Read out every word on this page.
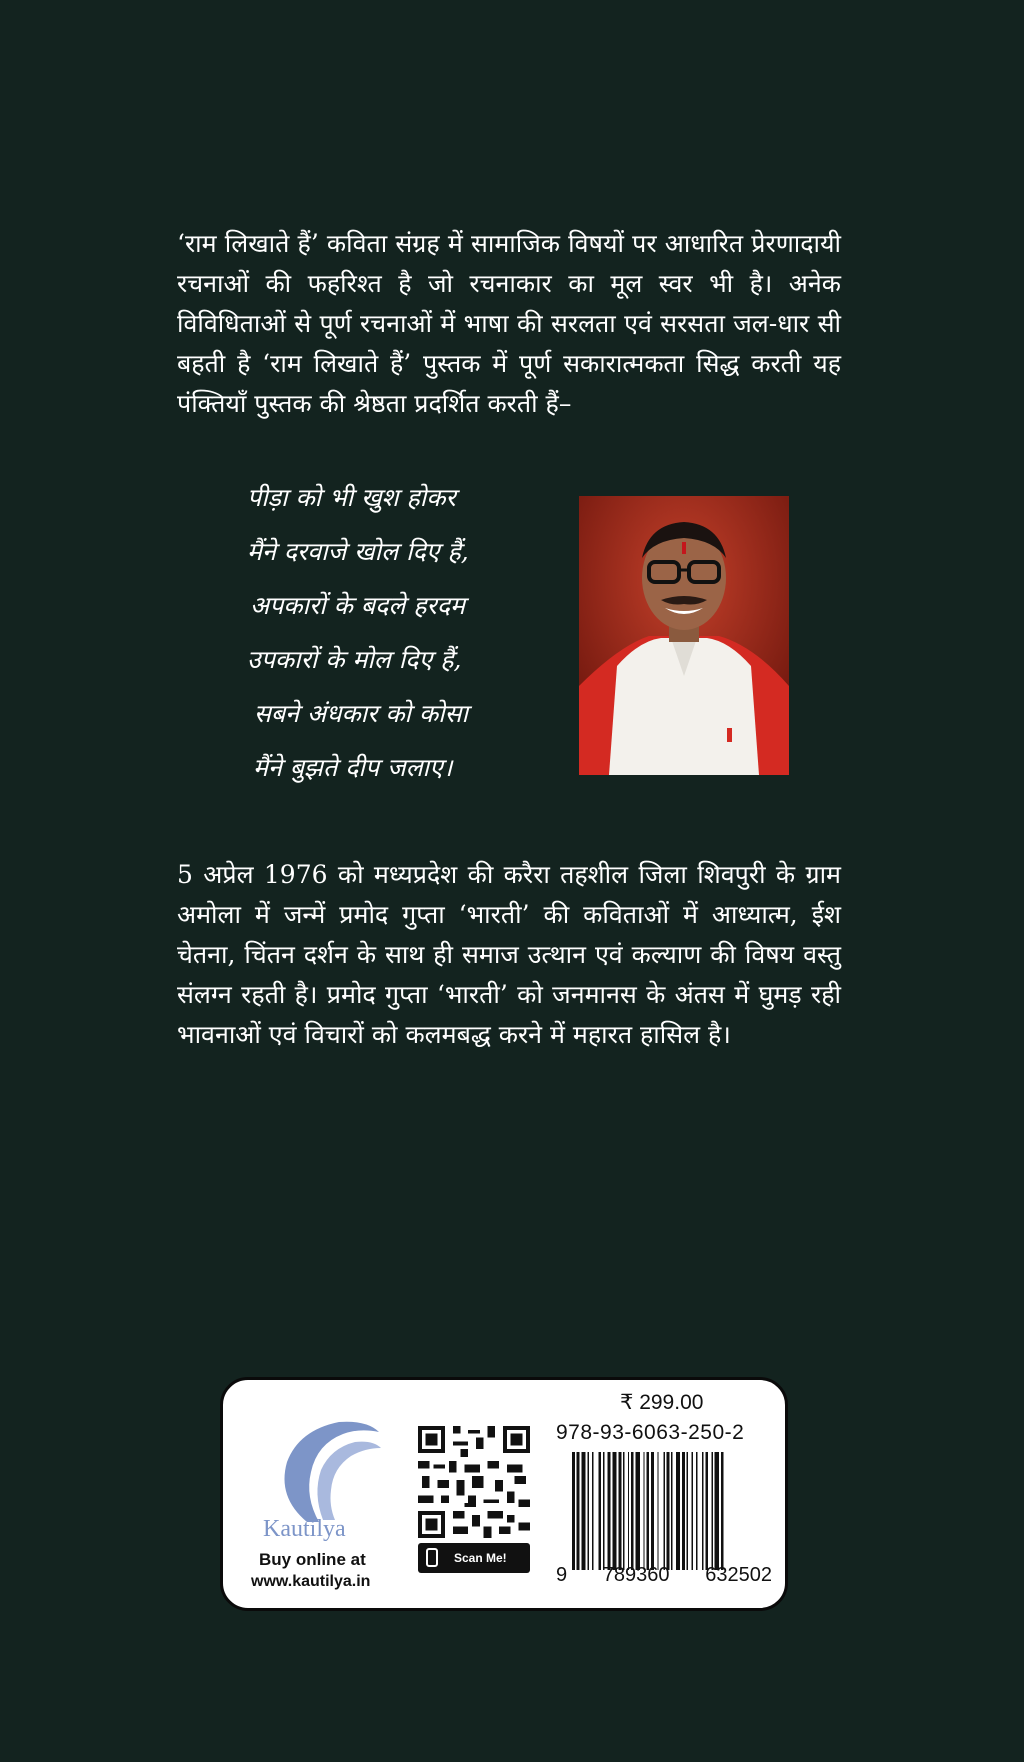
‘राम लिखाते हैं’ कविता संग्रह में सामाजिक विषयों पर आधारित प्रेरणादायी रचनाओं की फहरिश्त है जो रचनाकार का मूल स्वर भी है। अनेक विविधिताओं से पूर्ण रचनाओं में भाषा की सरलता एवं सरसता जल-धार सी बहती है ‘राम लिखाते हैं’ पुस्तक में पूर्ण सकारात्मकता सिद्ध करती यह पंक्तियाँ पुस्तक की श्रेष्ठता प्रदर्शित करती हैं–

पीड़ा को भी खुश होकर
मैंने दरवाजे खोल दिए हैं,
अपकारों के बदले हरदम
उपकारों के मोल दिए हैं,
सबने अंधकार को कोसा
मैंने बुझते दीप जलाए।

5 अप्रेल 1976 को मध्यप्रदेश की करैरा तहशील जिला शिवपुरी के ग्राम अमोला में जन्में प्रमोद गुप्ता ‘भारती’ की कविताओं में आध्यात्म, ईश चेतना, चिंतन दर्शन के साथ ही समाज उत्थान एवं कल्याण की विषय वस्तु संलग्न रहती है। प्रमोद गुप्ता ‘भारती’ को जनमानस के अंतस में घुमड़ रही भावनाओं एवं विचारों को कलमबद्ध करने में महारत हासिल है।

Kautilya
Buy online at
www.kautilya.in
Scan Me!
₹ 299.00
978-93-6063-250-2
9 789360 632502
